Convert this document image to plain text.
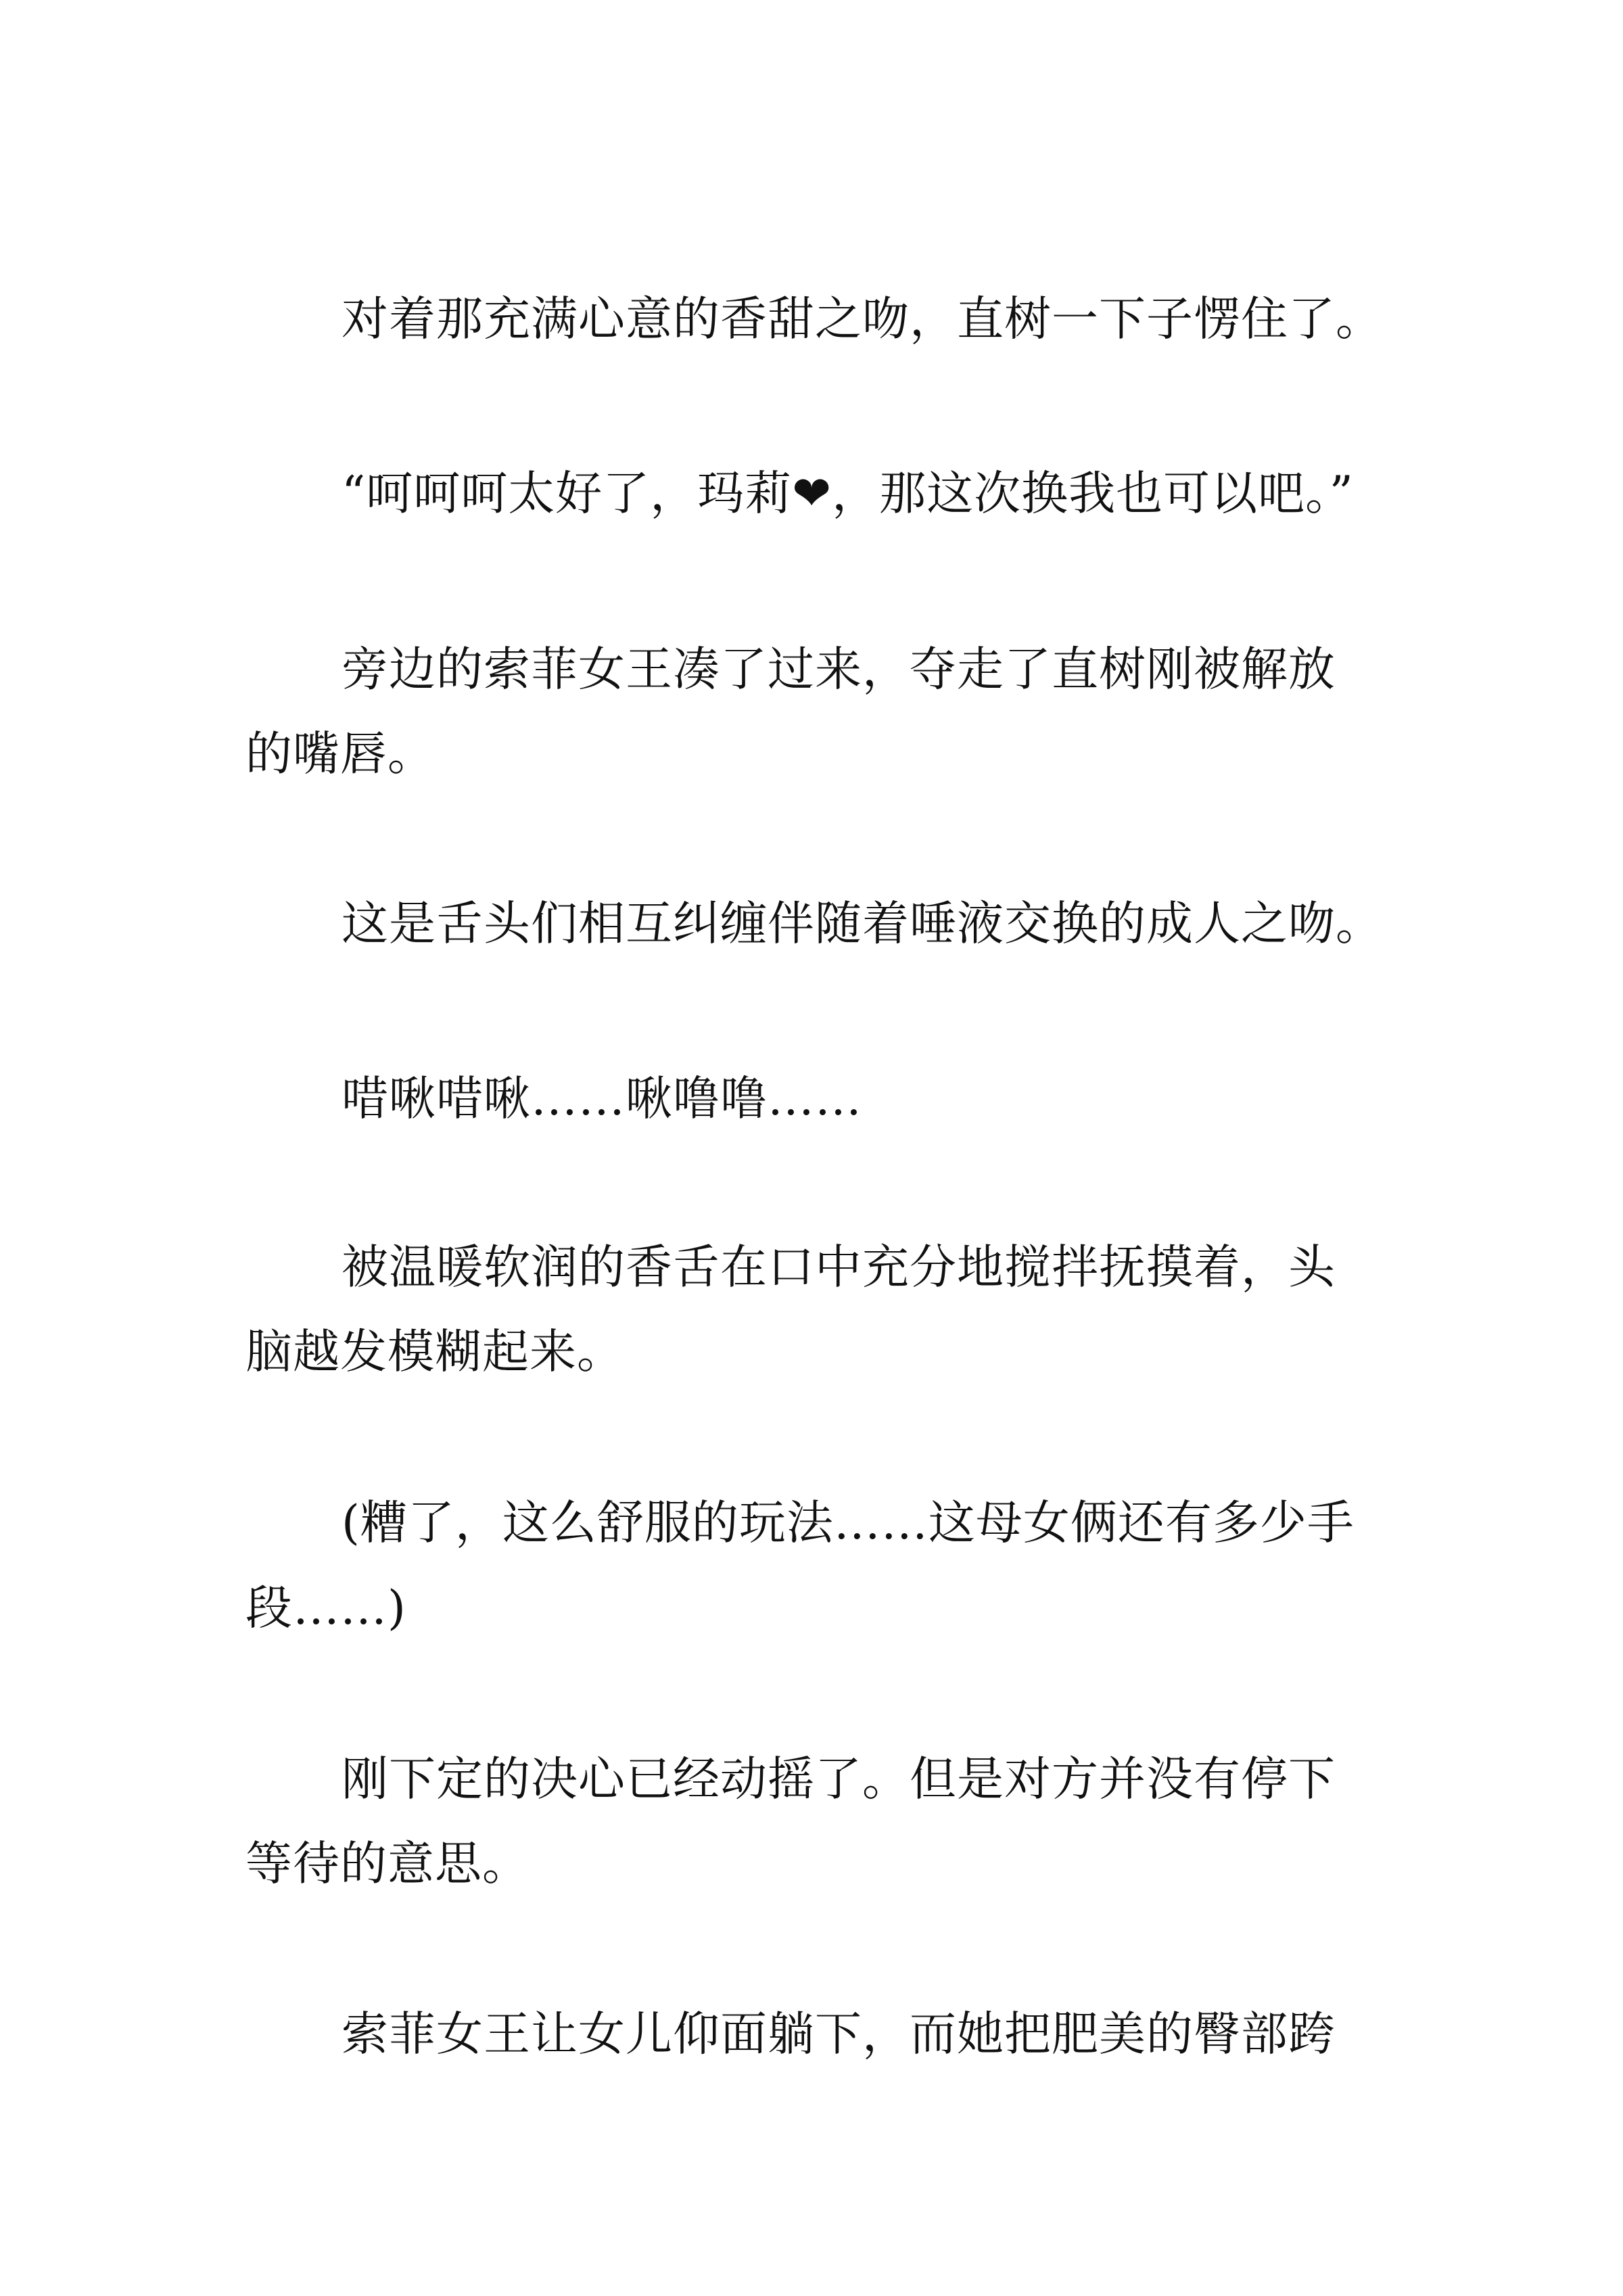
对着那充满心意的香甜之吻，直树一下子愣住了。

“呵呵呵太好了，玛莉❤，那这次换我也可以吧。”

旁边的索菲女王凑了过来，夺走了直树刚被解放

的嘴唇。

这是舌头们相互纠缠伴随着唾液交换的成人之吻。

唶啾唶啾……啾噜噜……

被温暖软润的香舌在口中充分地搅拌抚摸着，头

脑越发模糊起来。

(糟了，这么舒服的玩法……这母女俩还有多少手

段……)

刚下定的决心已经动摇了。但是对方并没有停下

等待的意思。

索菲女王让女儿仰面躺下，而她把肥美的臀部跨
